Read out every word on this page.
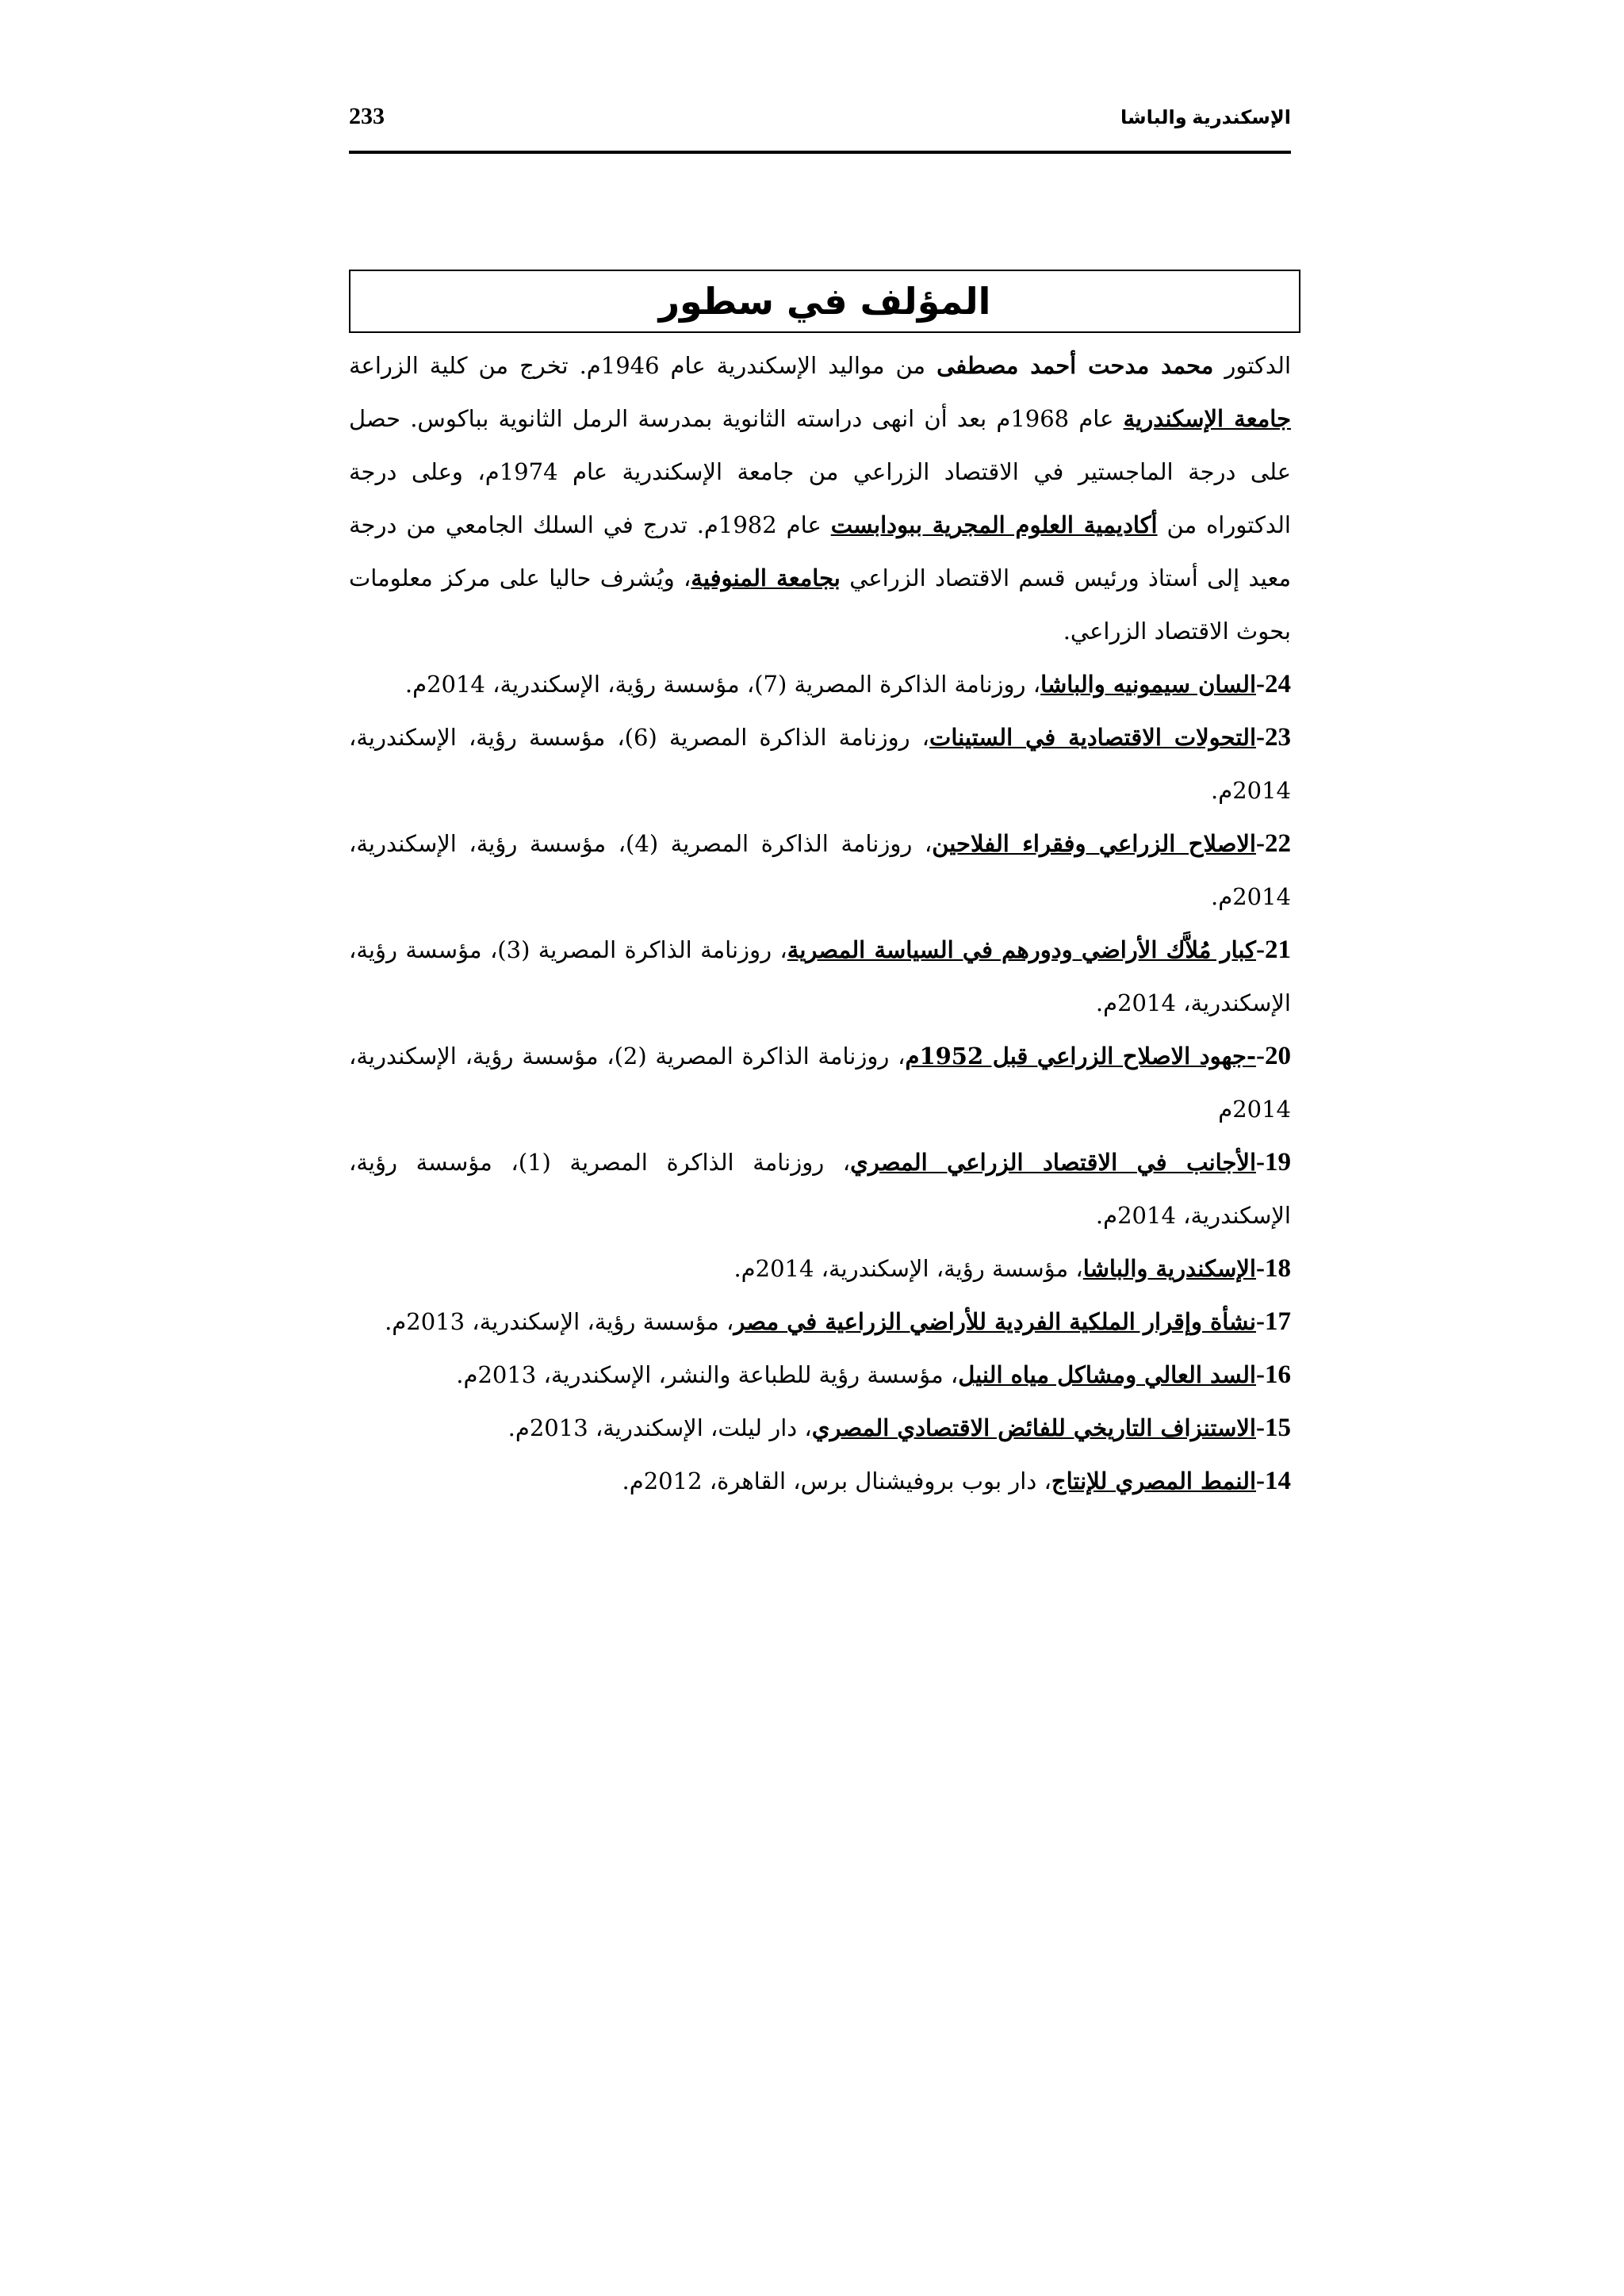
233	الإسكندرية والباشا
المؤلف في سطور

الدكتور محمد مدحت أحمد مصطفى من مواليد الإسكندرية عام 1946م. تخرج من كلية الزراعة جامعة الإسكندرية عام 1968م بعد أن انهى دراسته الثانوية بمدرسة الرمل الثانوية بباكوس. حصل على درجة الماجستير في الاقتصاد الزراعي من جامعة الإسكندرية عام 1974م، وعلى درجة الدكتوراه من أكاديمية العلوم المجرية ببودابست عام 1982م. تدرج في السلك الجامعي من درجة معيد إلى أستاذ ورئيس قسم الاقتصاد الزراعي بجامعة المنوفية، ويُشرف حاليا على مركز معلومات بحوث الاقتصاد الزراعي.

24-السان سيمونيه والباشا، روزنامة الذاكرة المصرية (7)، مؤسسة رؤية، الإسكندرية، 2014م.

23-التحولات الاقتصادية في الستينات، روزنامة الذاكرة المصرية (6)، مؤسسة رؤية، الإسكندرية، 2014م.

22-الاصلاح الزراعي وفقراء الفلاحين، روزنامة الذاكرة المصرية (4)، مؤسسة رؤية، الإسكندرية، 2014م.

21-كبار مُلاَّك الأراضي ودورهم في السياسة المصرية، روزنامة الذاكرة المصرية (3)، مؤسسة رؤية، الإسكندرية، 2014م.

20--جهود الاصلاح الزراعي قبل 1952م، روزنامة الذاكرة المصرية (2)، مؤسسة رؤية، الإسكندرية، 2014م

19-الأجانب في الاقتصاد الزراعي المصري، روزنامة الذاكرة المصرية (1)، مؤسسة رؤية، الإسكندرية، 2014م.

18-الإسكندرية والباشا، مؤسسة رؤية، الإسكندرية، 2014م.

17-نشأة وإقرار الملكية الفردية للأراضي الزراعية في مصر، مؤسسة رؤية، الإسكندرية، 2013م.

16-السد العالي ومشاكل مياه النيل، مؤسسة رؤية للطباعة والنشر، الإسكندرية، 2013م.

15-الاستنزاف التاريخي للفائض الاقتصادي المصري، دار ليلت، الإسكندرية، 2013م.

14-النمط المصري للإنتاج، دار بوب بروفيشنال برس، القاهرة، 2012م.
